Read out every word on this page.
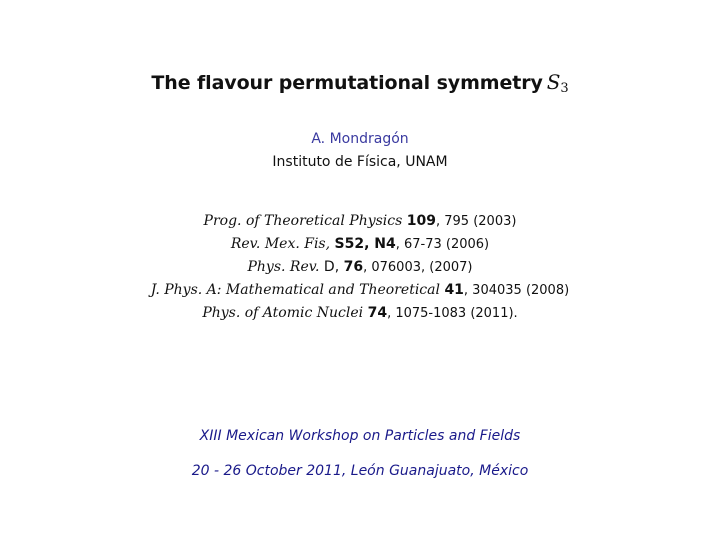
The flavour permutational symmetry $S_3$
A. Mondragón
Instituto de Física, UNAM
Prog. of Theoretical Physics 109, 795 (2003)
Rev. Mex. Fis, S52, N4, 67-73 (2006)
Phys. Rev. D, 76, 076003, (2007)
J. Phys. A: Mathematical and Theoretical 41, 304035 (2008)
Phys. of Atomic Nuclei 74, 1075-1083 (2011).
XIII Mexican Workshop on Particles and Fields
20 - 26 October 2011, León Guanajuato, México
